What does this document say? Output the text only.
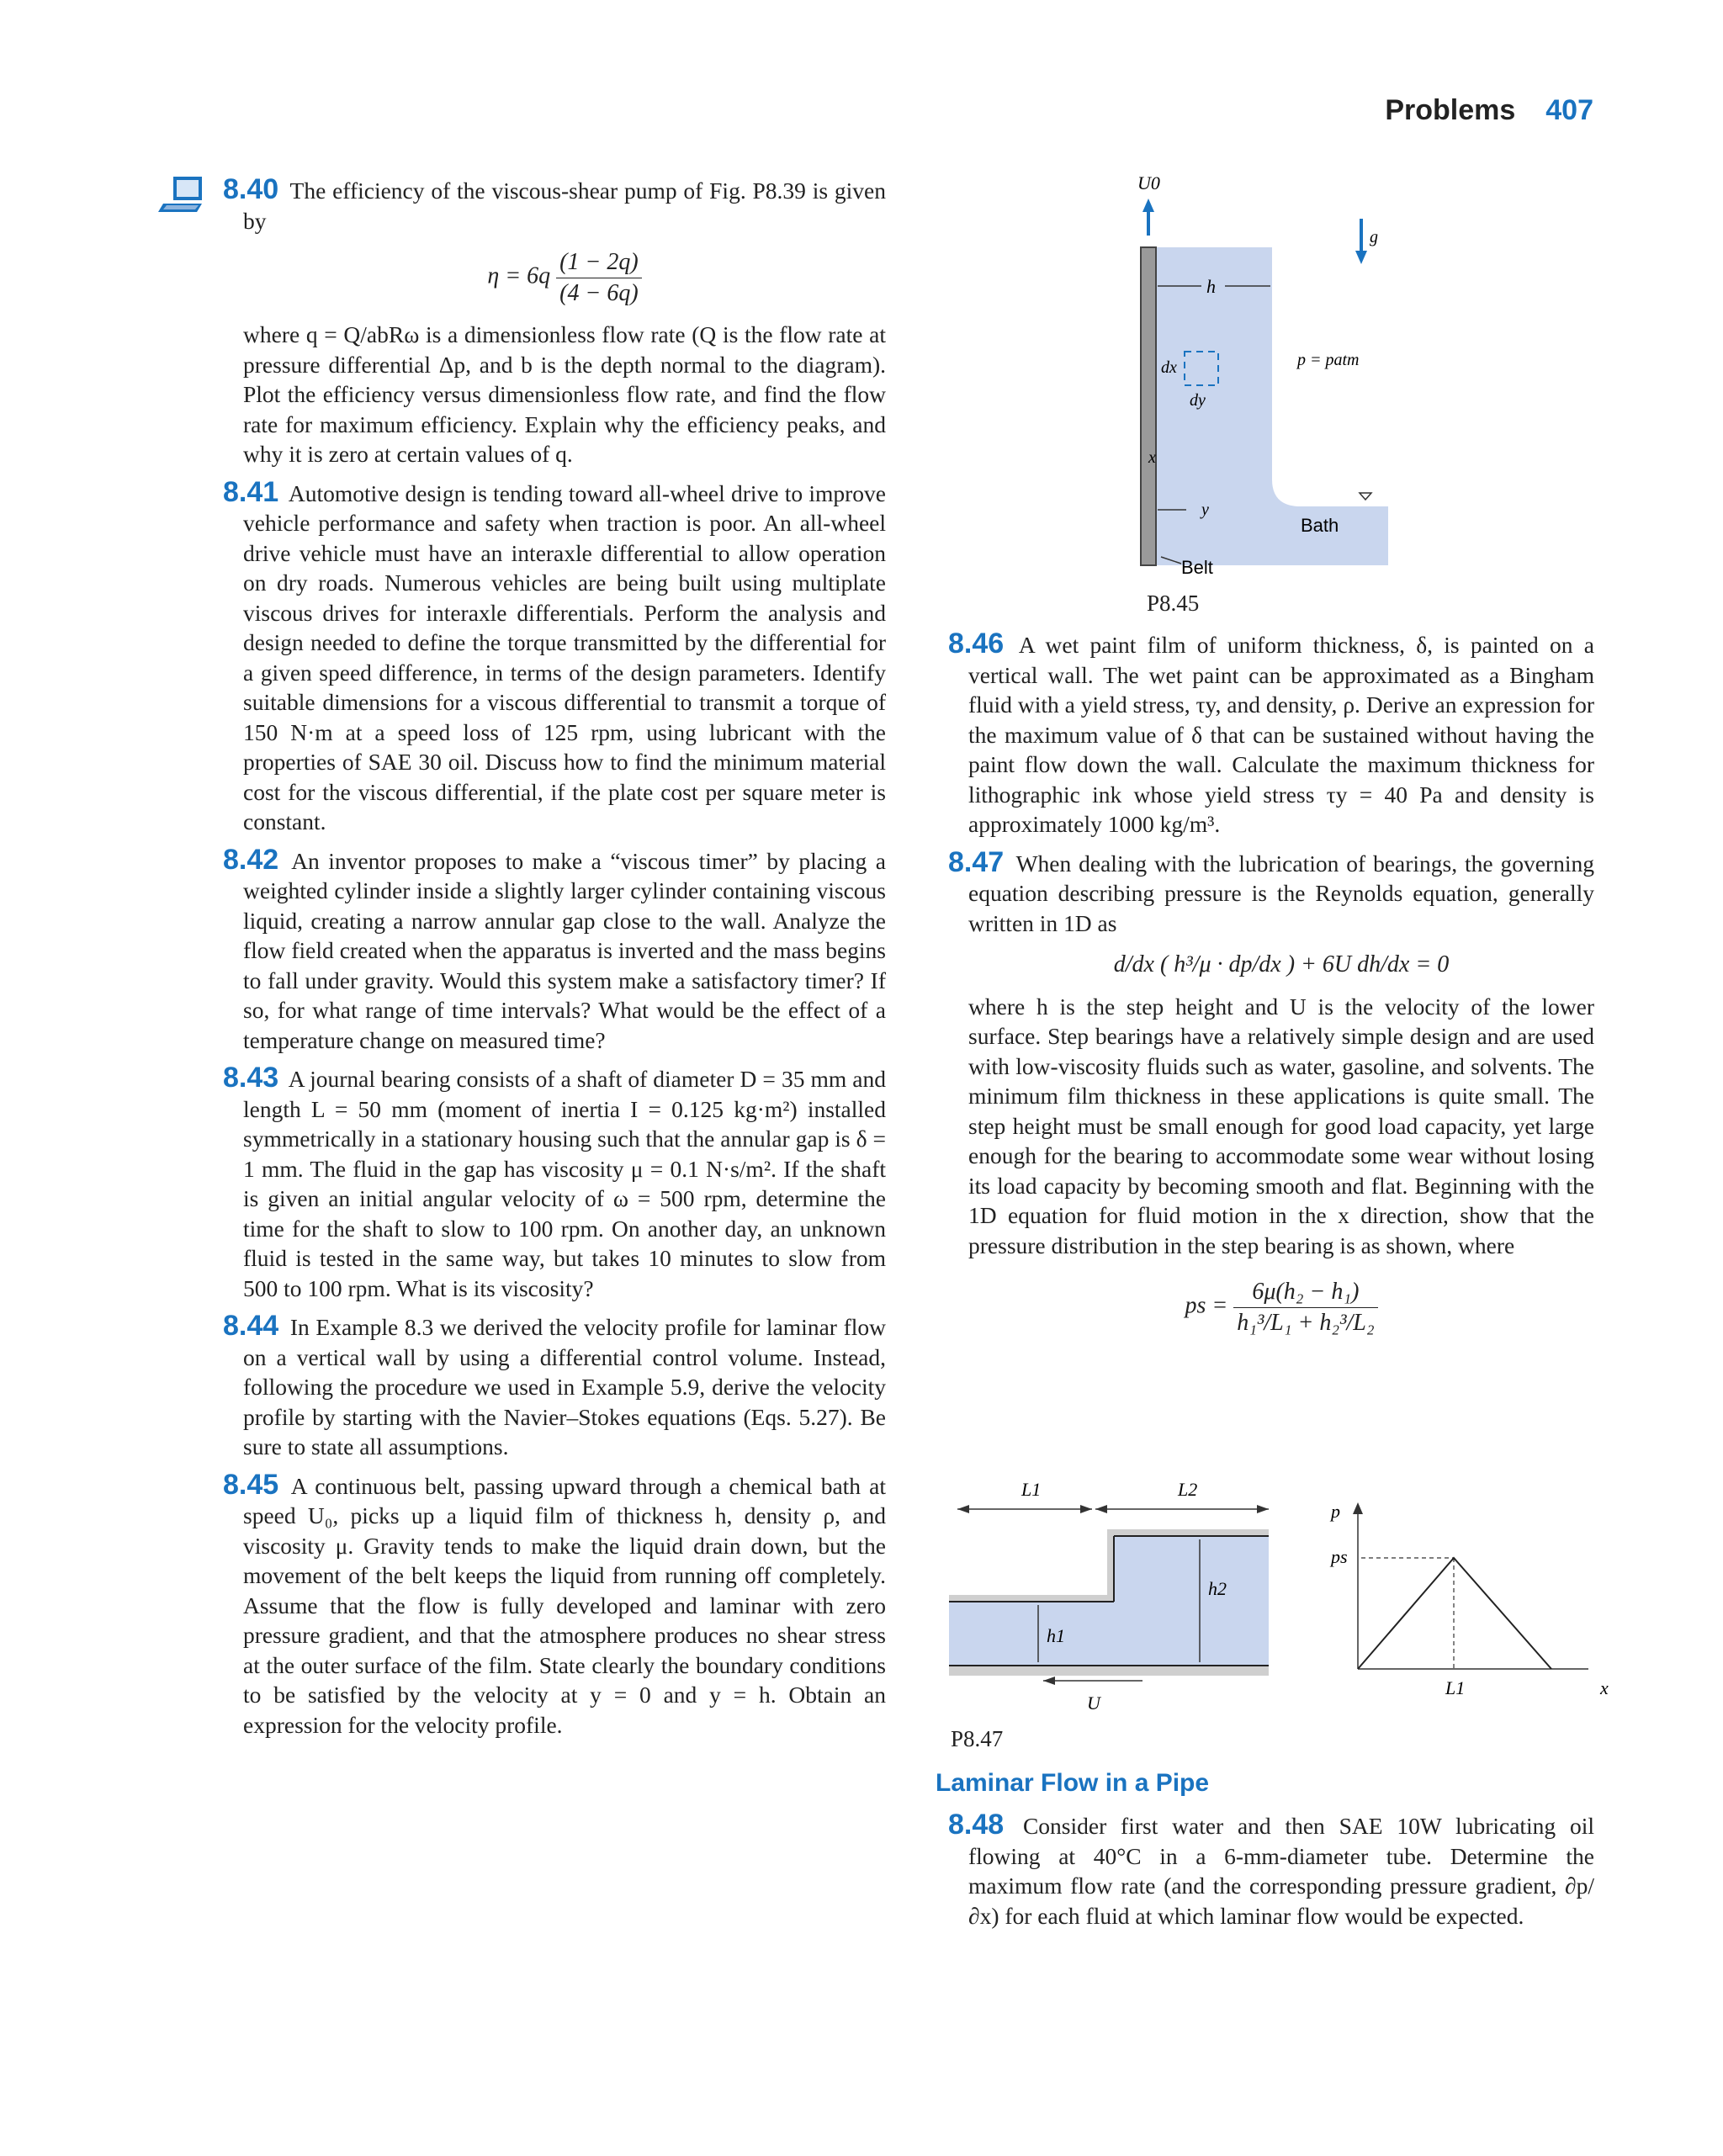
Problems 407
8.40 The efficiency of the viscous-shear pump of Fig. P8.39 is given by
$\eta = 6q \frac{(1 - 2q)}{(4 - 6q)}$
where q = Q/abRω is a dimensionless flow rate (Q is the flow rate at pressure differential Δp, and b is the depth normal to the diagram). Plot the efficiency versus dimensionless flow rate, and find the flow rate for maximum efficiency. Explain why the efficiency peaks, and why it is zero at certain values of q.
8.41 Automotive design is tending toward all-wheel drive to improve vehicle performance and safety when traction is poor. An all-wheel drive vehicle must have an interaxle differential to allow operation on dry roads. Numerous vehicles are being built using multiplate viscous drives for interaxle differentials. Perform the analysis and design needed to define the torque transmitted by the differential for a given speed difference, in terms of the design parameters. Identify suitable dimensions for a viscous differential to transmit a torque of 150 N·m at a speed loss of 125 rpm, using lubricant with the properties of SAE 30 oil. Discuss how to find the minimum material cost for the viscous differential, if the plate cost per square meter is constant.
8.42 An inventor proposes to make a “viscous timer” by placing a weighted cylinder inside a slightly larger cylinder containing viscous liquid, creating a narrow annular gap close to the wall. Analyze the flow field created when the apparatus is inverted and the mass begins to fall under gravity. Would this system make a satisfactory timer? If so, for what range of time intervals? What would be the effect of a temperature change on measured time?
8.43 A journal bearing consists of a shaft of diameter D = 35 mm and length L = 50 mm (moment of inertia I = 0.125 kg·m²) installed symmetrically in a stationary housing such that the annular gap is δ = 1 mm. The fluid in the gap has viscosity μ = 0.1 N·s/m². If the shaft is given an initial angular velocity of ω = 500 rpm, determine the time for the shaft to slow to 100 rpm. On another day, an unknown fluid is tested in the same way, but takes 10 minutes to slow from 500 to 100 rpm. What is its viscosity?
8.44 In Example 8.3 we derived the velocity profile for laminar flow on a vertical wall by using a differential control volume. Instead, following the procedure we used in Example 5.9, derive the velocity profile by starting with the Navier–Stokes equations (Eqs. 5.27). Be sure to state all assumptions.
8.45 A continuous belt, passing upward through a chemical bath at speed U₀, picks up a liquid film of thickness h, density ρ, and viscosity μ. Gravity tends to make the liquid drain down, but the movement of the belt keeps the liquid from running off completely. Assume that the flow is fully developed and laminar with zero pressure gradient, and that the atmosphere produces no shear stress at the outer surface of the film. State clearly the boundary conditions to be satisfied by the velocity at y = 0 and y = h. Obtain an expression for the velocity profile.
U0
g
h
dx
dy
x
y
p = patm
Bath
Belt
P8.45
8.46 A wet paint film of uniform thickness, δ, is painted on a vertical wall. The wet paint can be approximated as a Bingham fluid with a yield stress, τy, and density, ρ. Derive an expression for the maximum value of δ that can be sustained without having the paint flow down the wall. Calculate the maximum thickness for lithographic ink whose yield stress τy = 40 Pa and density is approximately 1000 kg/m³.
8.47 When dealing with the lubrication of bearings, the governing equation describing pressure is the Reynolds equation, generally written in 1D as
d/dx ( h³/μ · dp/dx ) + 6U dh/dx = 0
where h is the step height and U is the velocity of the lower surface. Step bearings have a relatively simple design and are used with low-viscosity fluids such as water, gasoline, and solvents. The minimum film thickness in these applications is quite small. The step height must be small enough for good load capacity, yet large enough for the bearing to accommodate some wear without losing its load capacity by becoming smooth and flat. Beginning with the 1D equation for fluid motion in the x direction, show that the pressure distribution in the step bearing is as shown, where
ps = $\frac{\text{6μ(h₂ − h₁)}}{\text{h₁³/L₁ + h₂³/L₂}}$
L1	L2
h1
h2
U
p
ps
L1	x
P8.47
Laminar Flow in a Pipe
8.48 Consider first water and then SAE 10W lubricating oil flowing at 40°C in a 6-mm-diameter tube. Determine the maximum flow rate (and the corresponding pressure gradient, ∂p/∂x) for each fluid at which laminar flow would be expected.
